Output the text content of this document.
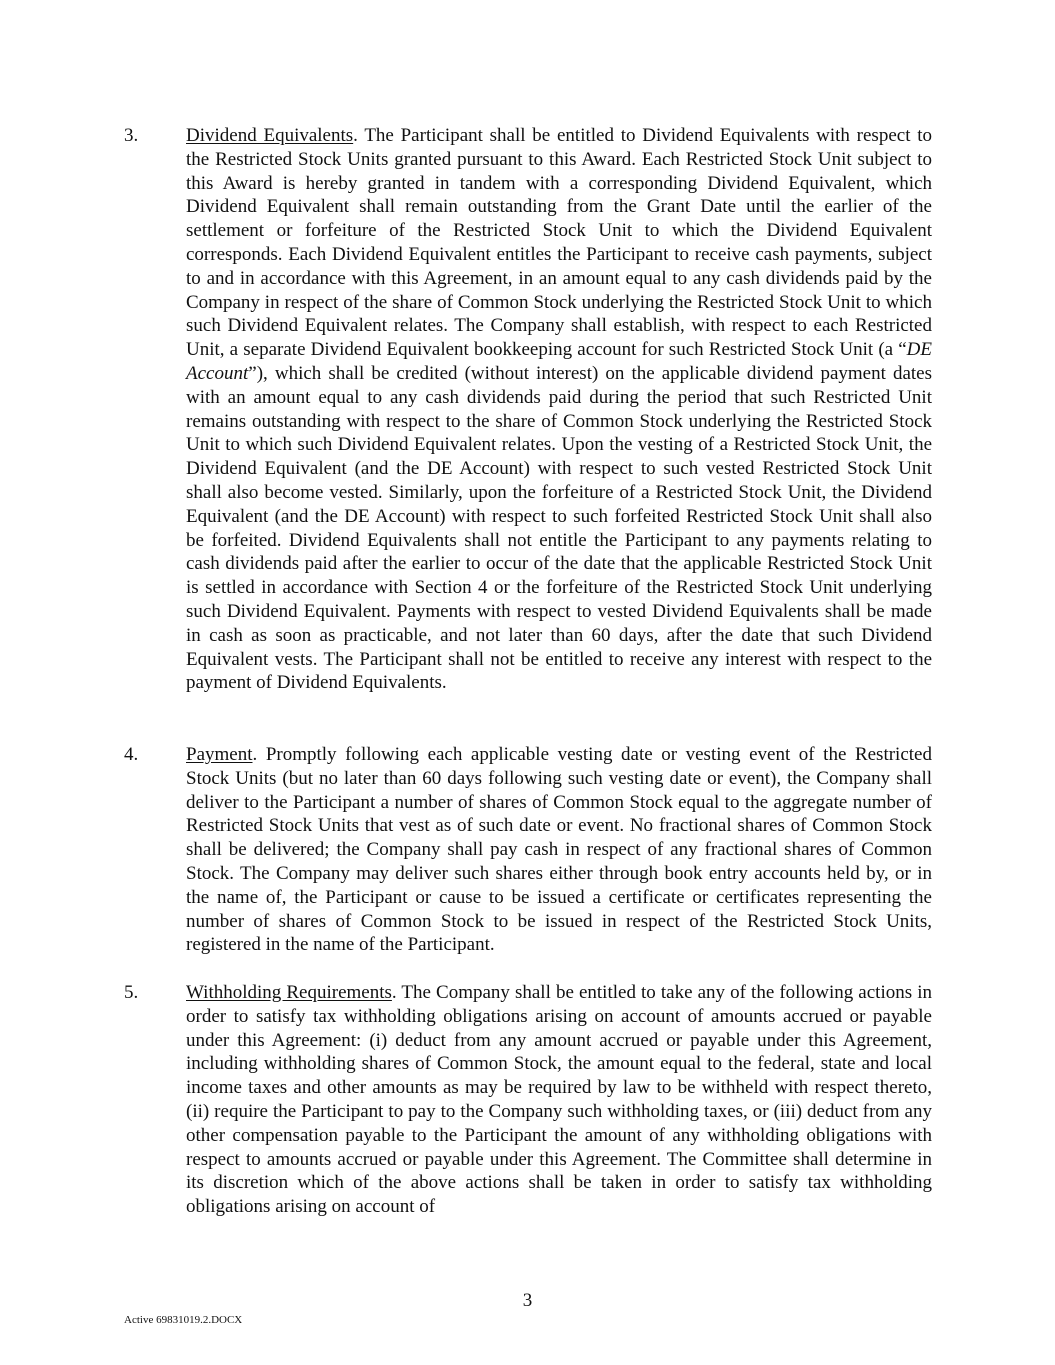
3.	Dividend Equivalents. The Participant shall be entitled to Dividend Equivalents with respect to the Restricted Stock Units granted pursuant to this Award. Each Restricted Stock Unit subject to this Award is hereby granted in tandem with a corresponding Dividend Equivalent, which Dividend Equivalent shall remain outstanding from the Grant Date until the earlier of the settlement or forfeiture of the Restricted Stock Unit to which the Dividend Equivalent corresponds. Each Dividend Equivalent entitles the Participant to receive cash payments, subject to and in accordance with this Agreement, in an amount equal to any cash dividends paid by the Company in respect of the share of Common Stock underlying the Restricted Stock Unit to which such Dividend Equivalent relates. The Company shall establish, with respect to each Restricted Unit, a separate Dividend Equivalent bookkeeping account for such Restricted Stock Unit (a “DE Account”), which shall be credited (without interest) on the applicable dividend payment dates with an amount equal to any cash dividends paid during the period that such Restricted Unit remains outstanding with respect to the share of Common Stock underlying the Restricted Stock Unit to which such Dividend Equivalent relates. Upon the vesting of a Restricted Stock Unit, the Dividend Equivalent (and the DE Account) with respect to such vested Restricted Stock Unit shall also become vested. Similarly, upon the forfeiture of a Restricted Stock Unit, the Dividend Equivalent (and the DE Account) with respect to such forfeited Restricted Stock Unit shall also be forfeited. Dividend Equivalents shall not entitle the Participant to any payments relating to cash dividends paid after the earlier to occur of the date that the applicable Restricted Stock Unit is settled in accordance with Section 4 or the forfeiture of the Restricted Stock Unit underlying such Dividend Equivalent. Payments with respect to vested Dividend Equivalents shall be made in cash as soon as practicable, and not later than 60 days, after the date that such Dividend Equivalent vests. The Participant shall not be entitled to receive any interest with respect to the payment of Dividend Equivalents.

4.	Payment. Promptly following each applicable vesting date or vesting event of the Restricted Stock Units (but no later than 60 days following such vesting date or event), the Company shall deliver to the Participant a number of shares of Common Stock equal to the aggregate number of Restricted Stock Units that vest as of such date or event. No fractional shares of Common Stock shall be delivered; the Company shall pay cash in respect of any fractional shares of Common Stock. The Company may deliver such shares either through book entry accounts held by, or in the name of, the Participant or cause to be issued a certificate or certificates representing the number of shares of Common Stock to be issued in respect of the Restricted Stock Units, registered in the name of the Participant.

5.	Withholding Requirements. The Company shall be entitled to take any of the following actions in order to satisfy tax withholding obligations arising on account of amounts accrued or payable under this Agreement: (i) deduct from any amount accrued or payable under this Agreement, including withholding shares of Common Stock, the amount equal to the federal, state and local income taxes and other amounts as may be required by law to be withheld with respect thereto, (ii) require the Participant to pay to the Company such withholding taxes, or (iii) deduct from any other compensation payable to the Participant the amount of any withholding obligations with respect to amounts accrued or payable under this Agreement. The Committee shall determine in its discretion which of the above actions shall be taken in order to satisfy tax withholding obligations arising on account of

3
Active 69831019.2.DOCX
